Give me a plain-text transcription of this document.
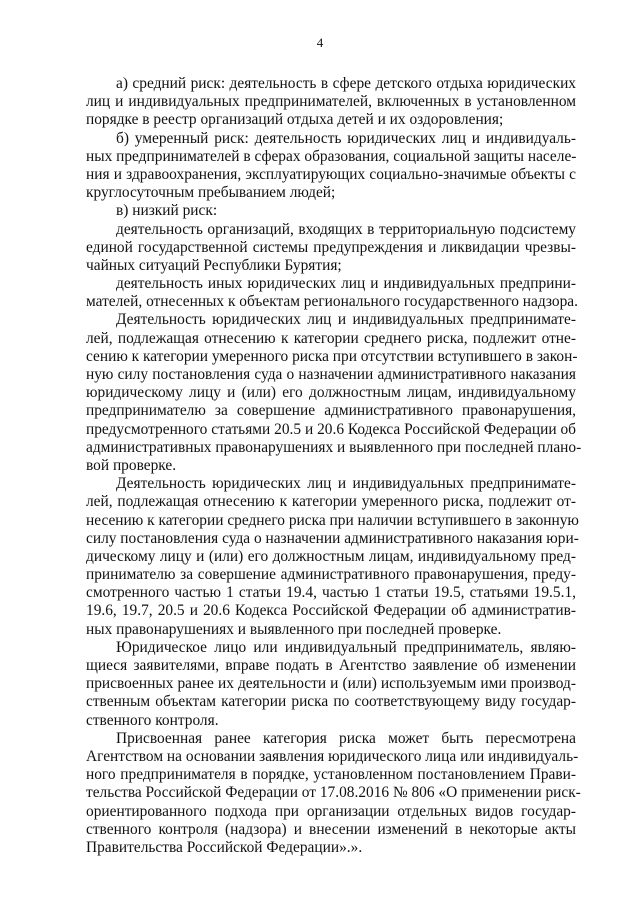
4
а) средний риск: деятельность в сфере детского отдыха юридических
лиц и индивидуальных предпринимателей, включенных в установленном
порядке в реестр организаций отдыха детей и их оздоровления;
б) умеренный риск: деятельность юридических лиц и индивидуаль-
ных предпринимателей в сферах образования, социальной защиты населе-
ния и здравоохранения, эксплуатирующих социально-значимые объекты с
круглосуточным пребыванием людей;
в) низкий риск:
деятельность организаций, входящих в территориальную подсистему
единой государственной системы предупреждения и ликвидации чрезвы-
чайных ситуаций Республики Бурятия;
деятельность иных юридических лиц и индивидуальных предприни-
мателей, отнесенных к объектам регионального государственного надзора.
Деятельность юридических лиц и индивидуальных предпринимате-
лей, подлежащая отнесению к категории среднего риска, подлежит отне-
сению к категории умеренного риска при отсутствии вступившего в закон-
ную силу постановления суда о назначении административного наказания
юридическому лицу и (или) его должностным лицам, индивидуальному
предпринимателю за совершение административного правонарушения,
предусмотренного статьями 20.5 и 20.6 Кодекса Российской Федерации об
административных правонарушениях и выявленного при последней плано-
вой проверке.
Деятельность юридических лиц и индивидуальных предпринимате-
лей, подлежащая отнесению к категории умеренного риска, подлежит от-
несению к категории среднего риска при наличии вступившего в законную
силу постановления суда о назначении административного наказания юри-
дическому лицу и (или) его должностным лицам, индивидуальному пред-
принимателю за совершение административного правонарушения, преду-
смотренного частью 1 статьи 19.4, частью 1 статьи 19.5, статьями 19.5.1,
19.6, 19.7, 20.5 и 20.6 Кодекса Российской Федерации об административ-
ных правонарушениях и выявленного при последней проверке.
Юридическое лицо или индивидуальный предприниматель, являю-
щиеся заявителями, вправе подать в Агентство заявление об изменении
присвоенных ранее их деятельности и (или) используемым ими производ-
ственным объектам категории риска по соответствующему виду государ-
ственного контроля.
Присвоенная ранее категория риска может быть пересмотрена
Агентством на основании заявления юридического лица или индивидуаль-
ного предпринимателя в порядке, установленном постановлением Прави-
тельства Российской Федерации от 17.08.2016 № 806 «О применении риск-
ориентированного подхода при организации отдельных видов государ-
ственного контроля (надзора) и внесении изменений в некоторые акты
Правительства Российской Федерации».».
